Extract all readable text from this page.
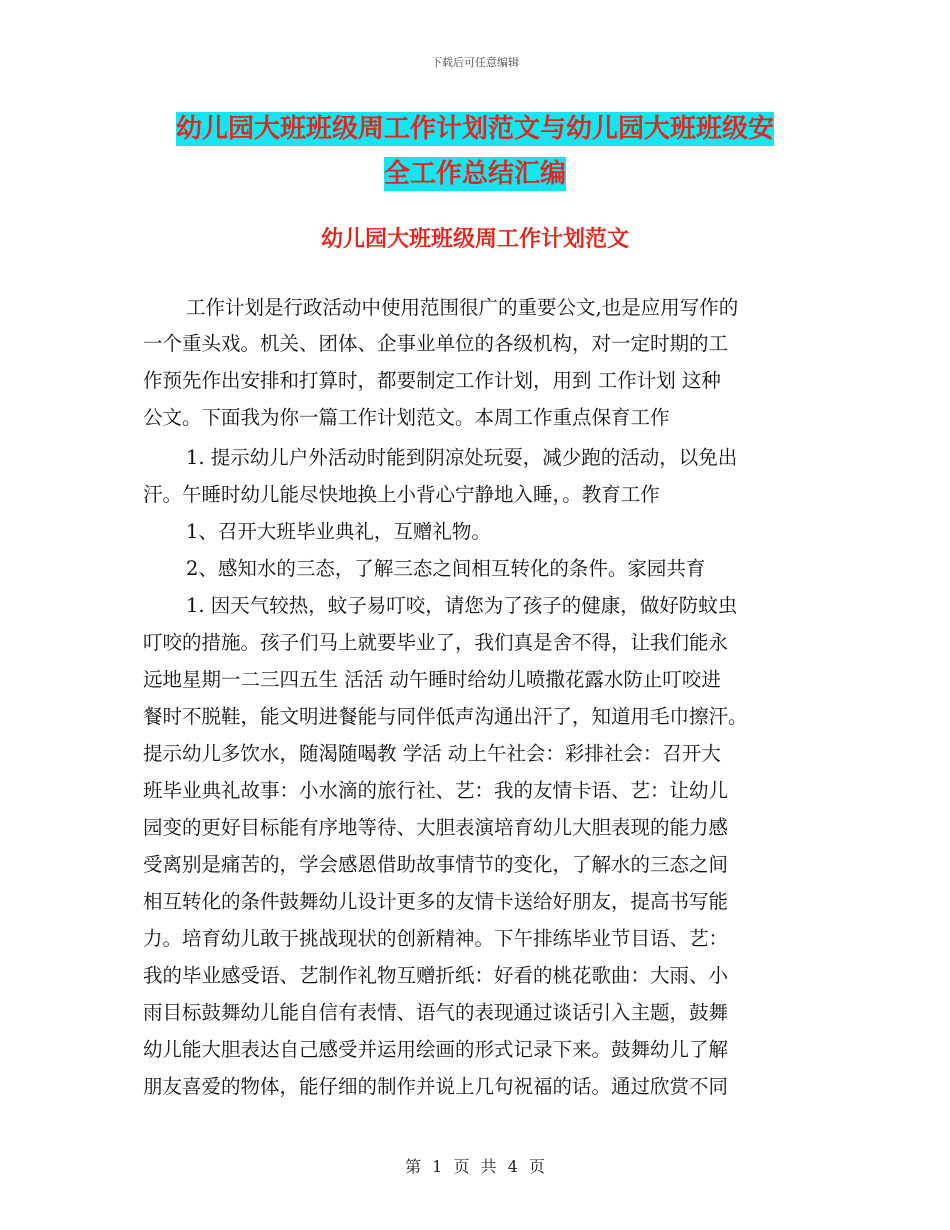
下载后可任意编辑
幼儿园大班班级周工作计划范文与幼儿园大班班级安
全工作总结汇编
幼儿园大班班级周工作计划范文
工作计划是行政活动中使用范围很广的重要公文,也是应用写作的
一个重头戏。机关、团体、企事业单位的各级机构，对一定时期的工
作预先作出安排和打算时，都要制定工作计划，用到 工作计划 这种
公文。下面我为你一篇工作计划范文。本周工作重点保育工作
1. 提示幼儿户外活动时能到阴凉处玩耍，减少跑的活动，以免出
汗。午睡时幼儿能尽快地换上小背心宁静地入睡，。教育工作
1、召开大班毕业典礼，互赠礼物。
2、感知水的三态，了解三态之间相互转化的条件。家园共育
1. 因天气较热，蚊子易叮咬，请您为了孩子的健康，做好防蚊虫
叮咬的措施。孩子们马上就要毕业了，我们真是舍不得，让我们能永
远地星期一二三四五生 活活 动午睡时给幼儿喷撒花露水防止叮咬进
餐时不脱鞋，能文明进餐能与同伴低声沟通出汗了，知道用毛巾擦汗。
提示幼儿多饮水，随渴随喝教 学活 动上午社会：彩排社会：召开大
班毕业典礼故事：小水滴的旅行社、艺：我的友情卡语、艺：让幼儿
园变的更好目标能有序地等待、大胆表演培育幼儿大胆表现的能力感
受离别是痛苦的，学会感恩借助故事情节的变化，了解水的三态之间
相互转化的条件鼓舞幼儿设计更多的友情卡送给好朋友，提高书写能
力。培育幼儿敢于挑战现状的创新精神。下午排练毕业节目语、艺：
我的毕业感受语、艺制作礼物互赠折纸：好看的桃花歌曲：大雨、小
雨目标鼓舞幼儿能自信有表情、语气的表现通过谈话引入主题，鼓舞
幼儿能大胆表达自己感受并运用绘画的形式记录下来。鼓舞幼儿了解
朋友喜爱的物体，能仔细的制作并说上几句祝福的话。通过欣赏不同
第 1 页 共 4 页
